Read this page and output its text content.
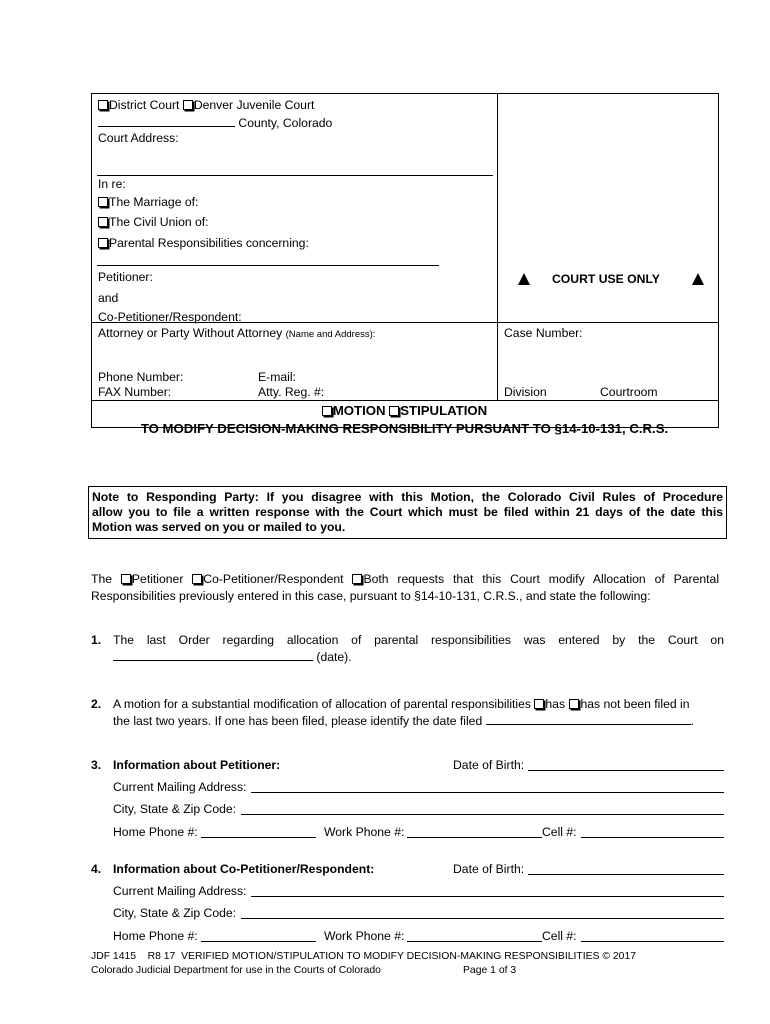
District Court Denver Juvenile Court
County, Colorado
Court Address:
In re:
The Marriage of:
The Civil Union of:
Parental Responsibilities concerning:
Petitioner:
and
Co-Petitioner/Respondent:
COURT USE ONLY
Attorney or Party Without Attorney (Name and Address):	Case Number:
Phone Number:	E-mail:
FAX Number:	Atty. Reg. #:	Division	Courtroom
MOTION STIPULATION
TO MODIFY DECISION-MAKING RESPONSIBILITY PURSUANT TO §14-10-131, C.R.S.
Note to Responding Party: If you disagree with this Motion, the Colorado Civil Rules of Procedure
allow you to file a written response with the Court which must be filed within 21 days of the date this
Motion was served on you or mailed to you.
The Petitioner Co-Petitioner/Respondent Both requests that this Court modify Allocation of Parental
Responsibilities previously entered in this case, pursuant to §14-10-131, C.R.S., and state the following:
1. The last Order regarding allocation of parental responsibilities was entered by the Court on
(date).
2. A motion for a substantial modification of allocation of parental responsibilities has has not been filed in
the last two years. If one has been filed, please identify the date filed	.
3. Information about Petitioner:	Date of Birth:
Current Mailing Address:
City, State & Zip Code:
Home Phone #:	Work Phone #:	Cell #:
4. Information about Co-Petitioner/Respondent:	Date of Birth:
Current Mailing Address:
City, State & Zip Code:
Home Phone #:	Work Phone #:	Cell #:
JDF 1415    R8 17  VERIFIED MOTION/STIPULATION TO MODIFY DECISION-MAKING RESPONSIBILITIES © 2017
Colorado Judicial Department for use in the Courts of Colorado	Page 1 of 3
